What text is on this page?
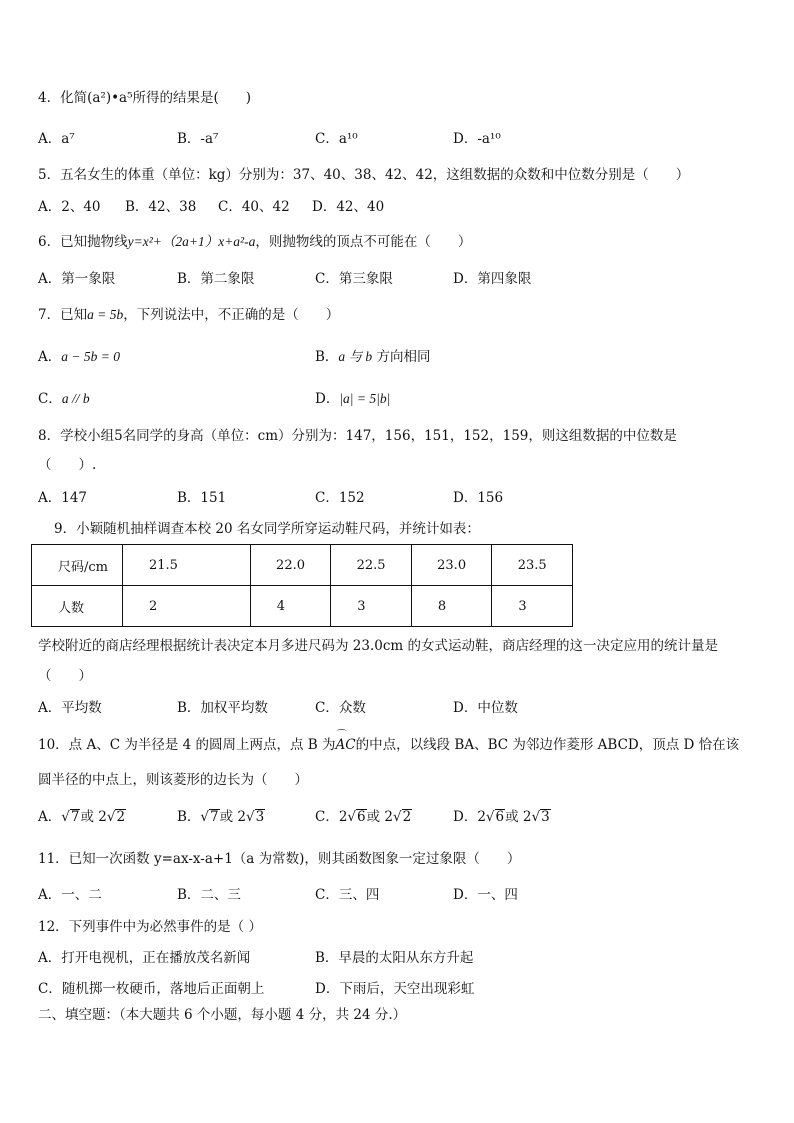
4．化简(a²)•a⁵所得的结果是(　　)
A．a⁷	B．-a⁷	C．a¹⁰	D．-a¹⁰
5．五名女生的体重（单位：kg）分别为：37、40、38、42、42，这组数据的众数和中位数分别是（　　）
A．2、40 B．42、38 C．40、42 D．42、40
6．已知抛物线y=x²+（2a+1）x+a²-a，则抛物线的顶点不可能在（　　）
A．第一象限	B．第二象限	C．第三象限	D．第四象限
7．已知a = 5b，下列说法中，不正确的是（　　）
A．a − 5b = 0	B．a 与 b 方向相同
C．a // b	D．|a| = 5|b|
8．学校小组5名同学的身高（单位：cm）分别为：147，156，151，152，159，则这组数据的中位数是
（　　）.
A．147	B．151	C．152	D．156
9．小颖随机抽样调查本校 20 名女同学所穿运动鞋尺码，并统计如表：
尺码/cm	21.5	22.0	22.5	23.0	23.5
人数	2	4	3	8	3
学校附近的商店经理根据统计表决定本月多进尺码为 23.0cm 的女式运动鞋，商店经理的这一决定应用的统计量是
（　　）
A．平均数	B．加权平均数	C．众数	D．中位数
10．点 A、C 为半径是 4 的圆周上两点，点 B 为⌒ AC的中点，以线段 BA、BC 为邻边作菱形 ABCD，顶点 D 恰在该
圆半径的中点上，则该菱形的边长为（　　）
A．√7或 2√2	B．√7或 2√3	C．2√6或 2√2	D．2√6或 2√3
11．已知一次函数 y=ax-x-a+1（a 为常数)，则其函数图象一定过象限（　　）
A．一、二	B．二、三	C．三、四	D．一、四
12．下列事件中为必然事件的是（ ）
A．打开电视机，正在播放茂名新闻	B．早晨的太阳从东方升起
C．随机掷一枚硬币，落地后正面朝上	D．下雨后，天空出现彩虹
二、填空题：（本大题共 6 个小题，每小题 4 分，共 24 分.）
